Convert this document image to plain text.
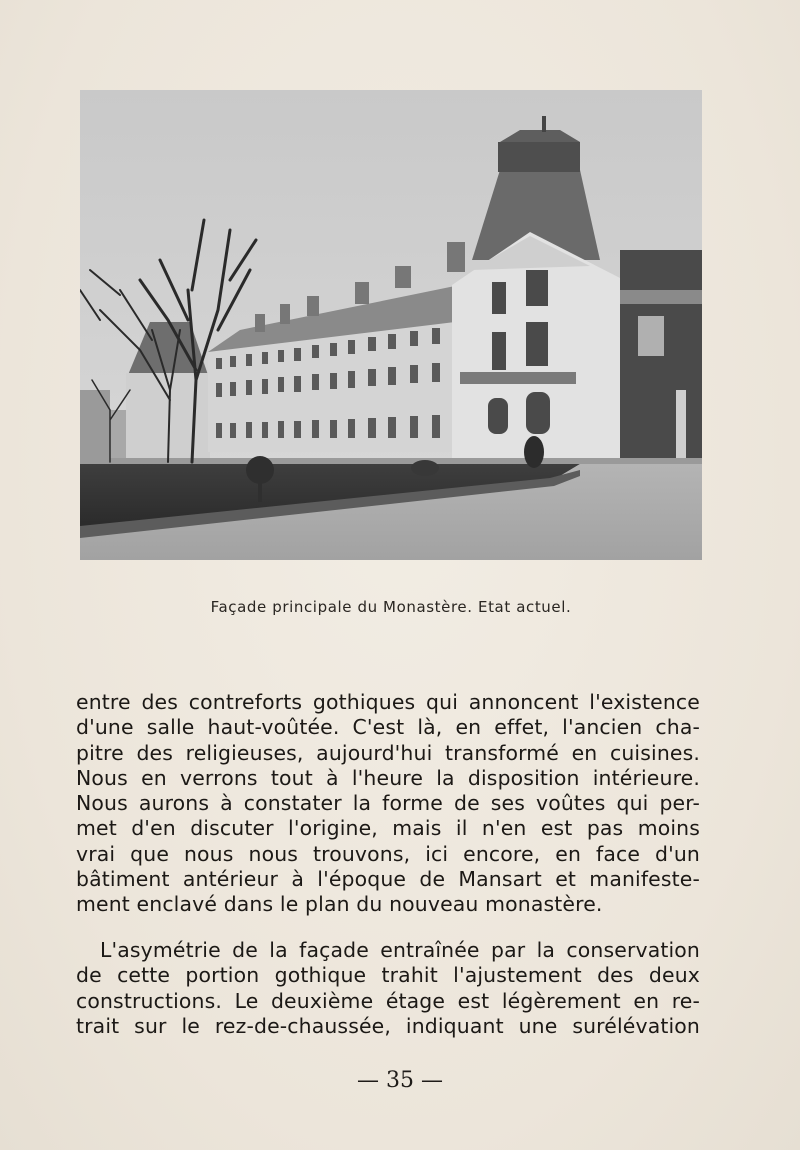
Façade principale du Monastère. Etat actuel.
entre des contreforts gothiques qui annoncent l'existence
d'une salle haut-voûtée. C'est là, en effet, l'ancien cha-
pitre des religieuses, aujourd'hui transformé en cuisines.
Nous en verrons tout à l'heure la disposition intérieure.
Nous aurons à constater la forme de ses voûtes qui per-
met d'en discuter l'origine, mais il n'en est pas moins
vrai que nous nous trouvons, ici encore, en face d'un
bâtiment antérieur à l'époque de Mansart et manifeste-
ment enclavé dans le plan du nouveau monastère.
L'asymétrie de la façade entraînée par la conservation
de cette portion gothique trahit l'ajustement des deux
constructions. Le deuxième étage est légèrement en re-
trait sur le rez-de-chaussée, indiquant une surélévation
— 35 —
